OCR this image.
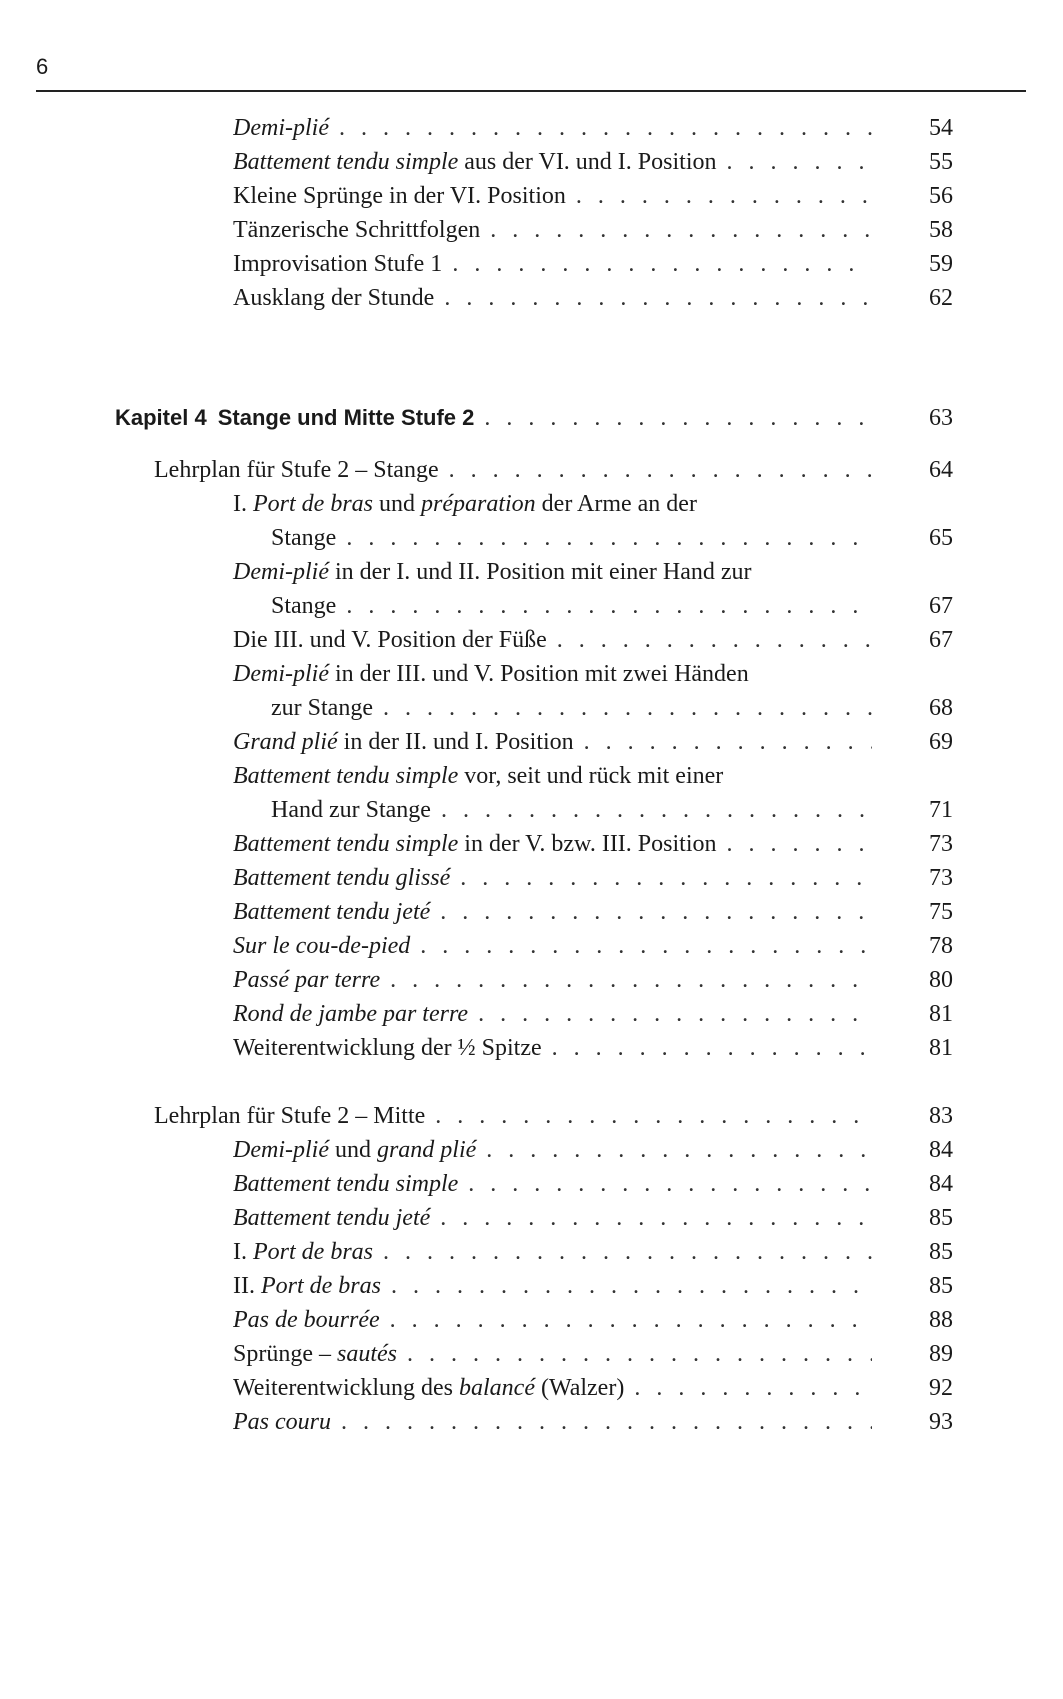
6
Demi-plié . . .	54
Battement tendu simple aus der VI. und I. Position . . .	55
Kleine Sprünge in der VI. Position . . .	56
Tänzerische Schrittfolgen . . .	58
Improvisation Stufe 1 . . .	59
Ausklang der Stunde . . .	62
Kapitel 4  Stange und Mitte Stufe 2 . . .	63
Lehrplan für Stufe 2 – Stange . . .	64
I. Port de bras und préparation der Arme an der
Stange . . .	65
Demi-plié in der I. und II. Position mit einer Hand zur
Stange . . .	67
Die III. und V. Position der Füße . . .	67
Demi-plié in der III. und V. Position mit zwei Händen
zur Stange . . .	68
Grand plié in der II. und I. Position . . .	69
Battement tendu simple vor, seit und rück mit einer
Hand zur Stange . . .	71
Battement tendu simple in der V. bzw. III. Position . . .	73
Battement tendu glissé . . .	73
Battement tendu jeté . . .	75
Sur le cou-de-pied . . .	78
Passé par terre . . .	80
Rond de jambe par terre . . .	81
Weiterentwicklung der ½ Spitze . . .	81
Lehrplan für Stufe 2 – Mitte . . .	83
Demi-plié und grand plié . . .	84
Battement tendu simple . . .	84
Battement tendu jeté . . .	85
I. Port de bras . . .	85
II. Port de bras . . .	85
Pas de bourrée . . .	88
Sprünge – sautés . . .	89
Weiterentwicklung des balancé (Walzer) . . .	92
Pas couru . . .	93
